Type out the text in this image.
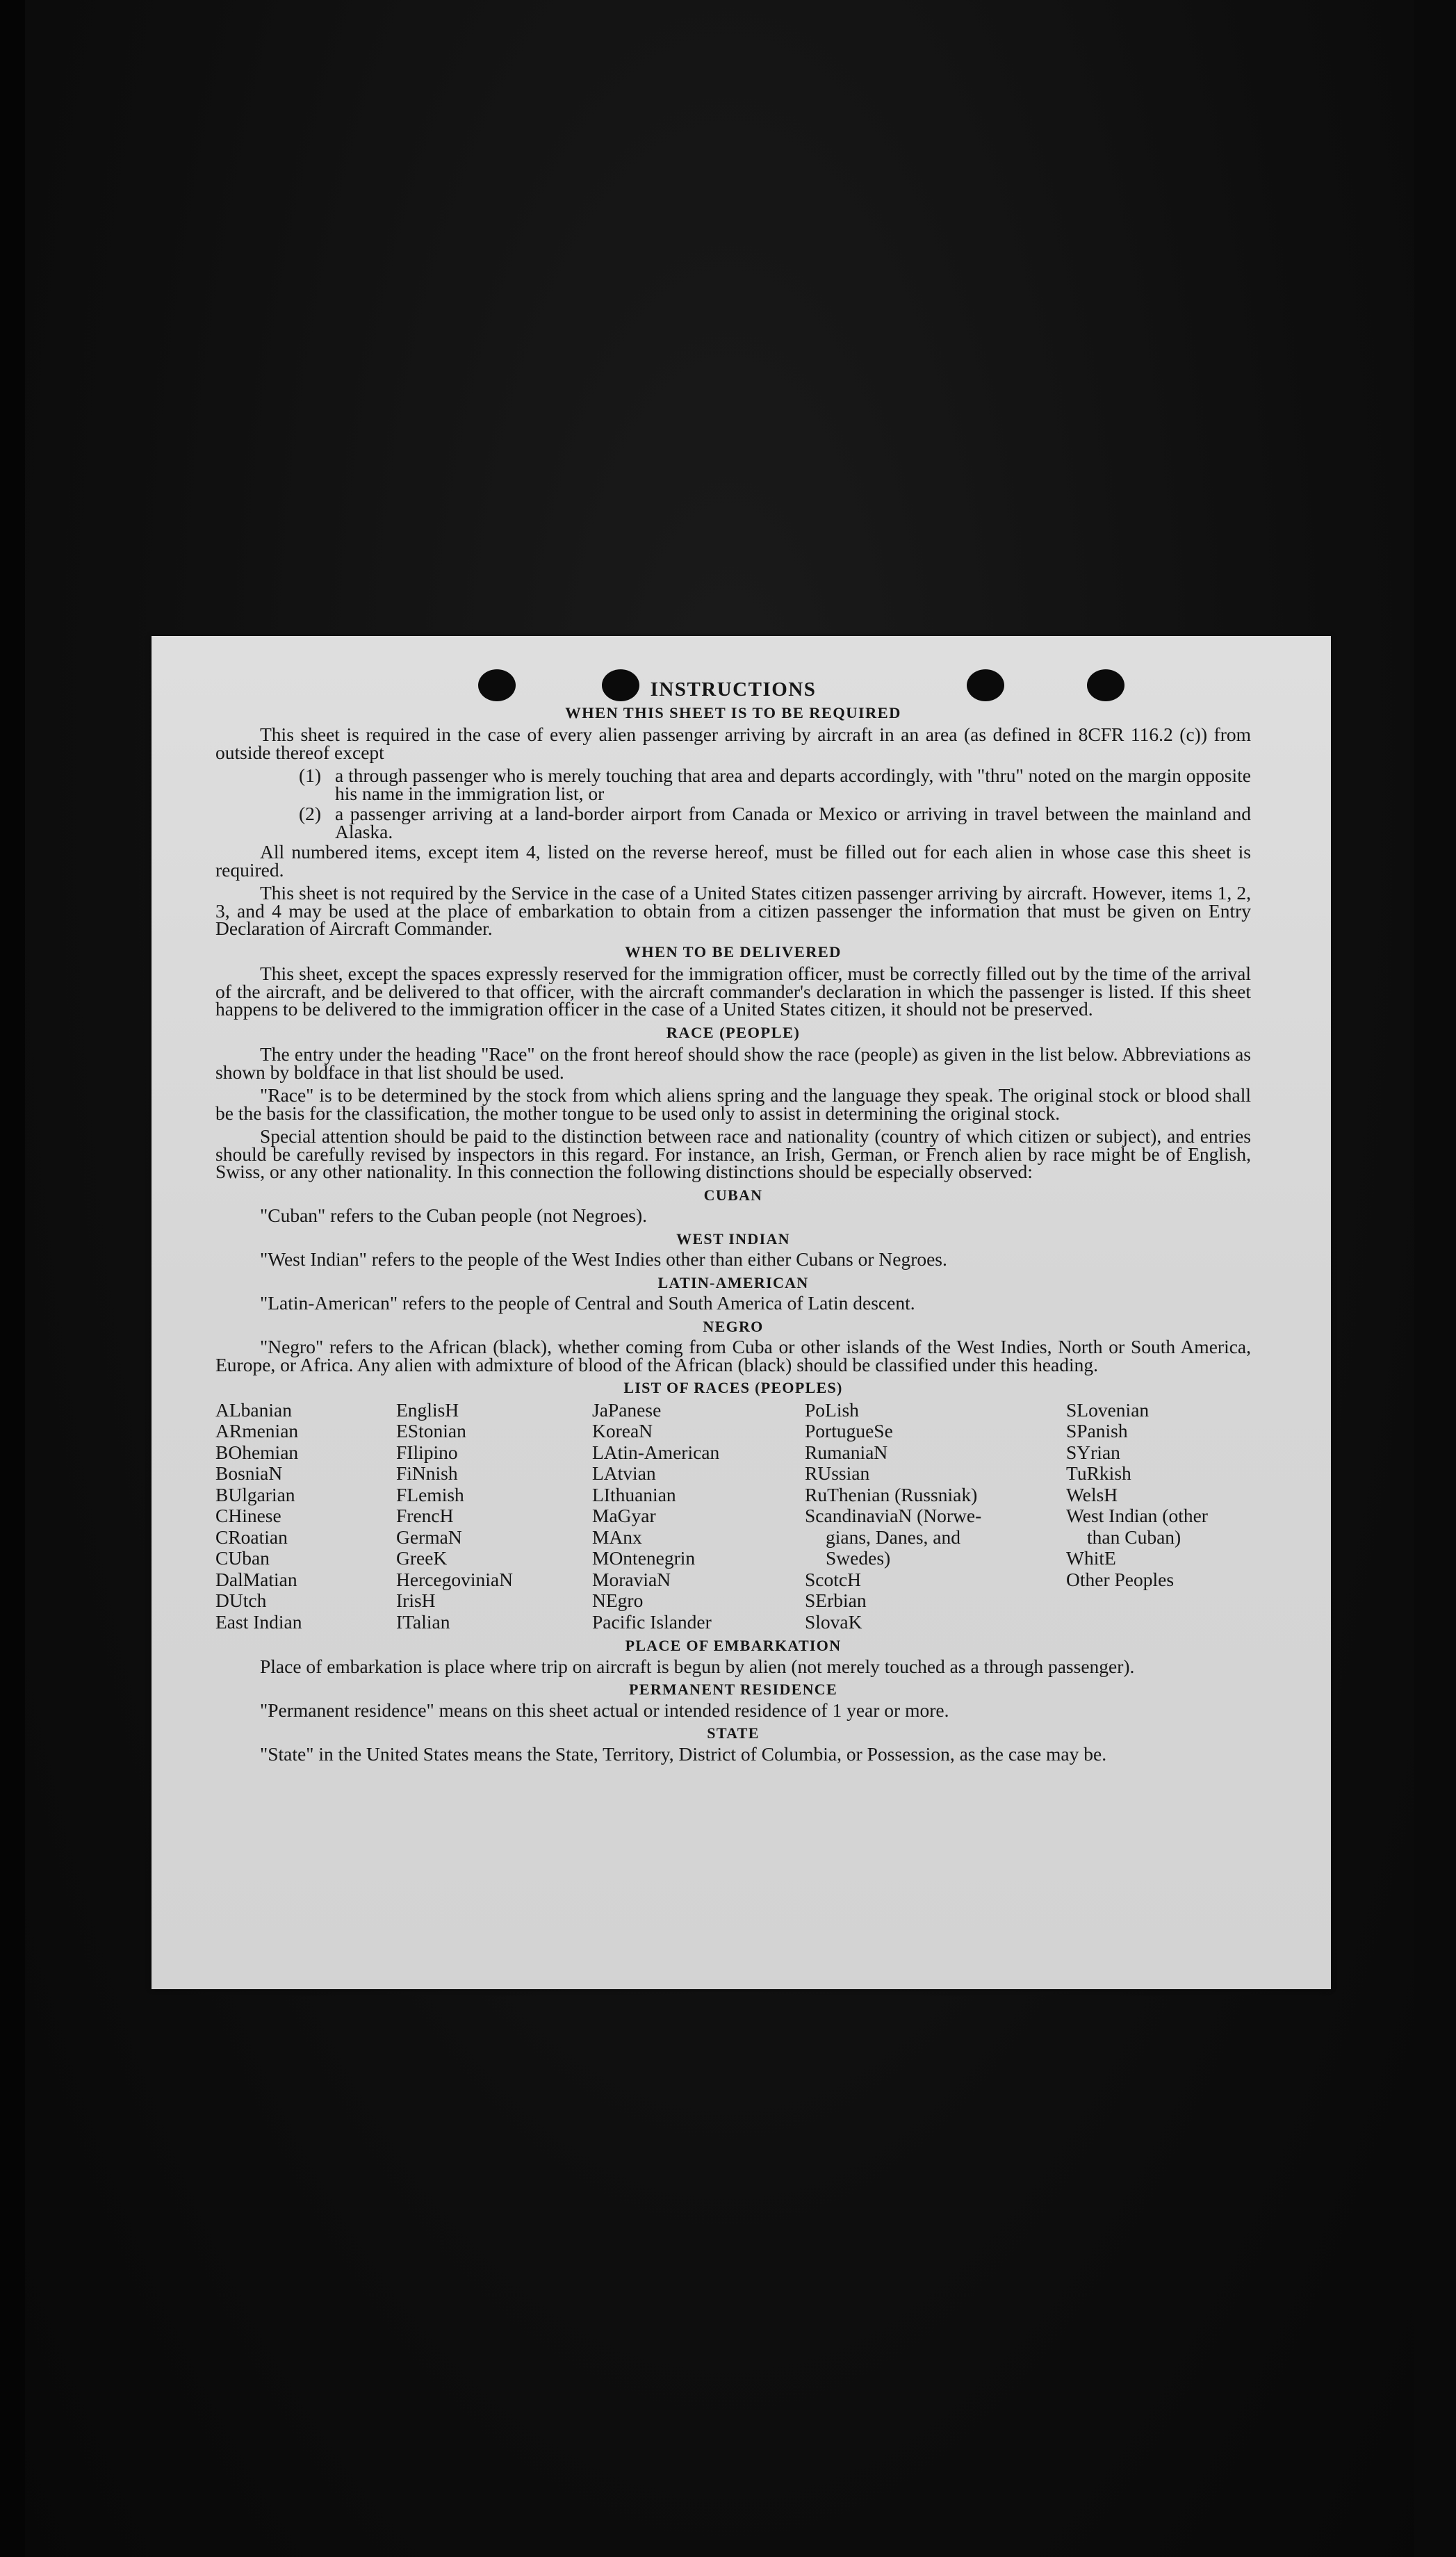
INSTRUCTIONS
WHEN THIS SHEET IS TO BE REQUIRED

This sheet is required in the case of every alien passenger arriving by aircraft in an area (as defined in 8CFR 116.2 (c)) from outside thereof except

(1) a through passenger who is merely touching that area and departs accordingly, with "thru" noted on the margin opposite his name in the immigration list, or
(2) a passenger arriving at a land-border airport from Canada or Mexico or arriving in travel between the mainland and Alaska.

All numbered items, except item 4, listed on the reverse hereof, must be filled out for each alien in whose case this sheet is required.

This sheet is not required by the Service in the case of a United States citizen passenger arriving by aircraft. However, items 1, 2, 3, and 4 may be used at the place of embarkation to obtain from a citizen passenger the information that must be given on Entry Declaration of Aircraft Commander.

WHEN TO BE DELIVERED

This sheet, except the spaces expressly reserved for the immigration officer, must be correctly filled out by the time of the arrival of the aircraft, and be delivered to that officer, with the aircraft commander's declaration in which the passenger is listed. If this sheet happens to be delivered to the immigration officer in the case of a United States citizen, it should not be preserved.

RACE (PEOPLE)

The entry under the heading "Race" on the front hereof should show the race (people) as given in the list below. Abbreviations as shown by boldface in that list should be used.

"Race" is to be determined by the stock from which aliens spring and the language they speak. The original stock or blood shall be the basis for the classification, the mother tongue to be used only to assist in determining the original stock.

Special attention should be paid to the distinction between race and nationality (country of which citizen or subject), and entries should be carefully revised by inspectors in this regard. For instance, an Irish, German, or French alien by race might be of English, Swiss, or any other nationality. In this connection the following distinctions should be especially observed:

CUBAN

"Cuban" refers to the Cuban people (not Negroes).

WEST INDIAN

"West Indian" refers to the people of the West Indies other than either Cubans or Negroes.

LATIN-AMERICAN

"Latin-American" refers to the people of Central and South America of Latin descent.

NEGRO

"Negro" refers to the African (black), whether coming from Cuba or other islands of the West Indies, North or South America, Europe, or Africa. Any alien with admixture of blood of the African (black) should be classified under this heading.

LIST OF RACES (PEOPLES)
ALbanian
ARmenian
BOhemian
BosniaN
BUlgarian
CHinese
CRoatian
CUban
DalMatian
DUtch
East Indian
EnglisH
EStonian
FIlipino
FiNnish
FLemish
FrencH
GermaN
GreeK
HercegoviniaN
IrisH
ITalian
JaPanese
KoreaN
LAtin-American
LAtvian
LIthuanian
MaGyar
MAnx
MOntenegrin
MoraviaN
NEgro
Pacific Islander
PoLish
PortugueSe
RumaniaN
RUssian
RuThenian (Russniak)
ScandinaviaN (Norwe-
gians, Danes, and
Swedes)
ScotcH
SErbian
SlovaK
SLovenian
SPanish
SYrian
TuRkish
WelsH
West Indian (other
than Cuban)
WhitE
Other Peoples
PLACE OF EMBARKATION

Place of embarkation is place where trip on aircraft is begun by alien (not merely touched as a through passenger).

PERMANENT RESIDENCE

"Permanent residence" means on this sheet actual or intended residence of 1 year or more.

STATE

"State" in the United States means the State, Territory, District of Columbia, or Possession, as the case may be.
